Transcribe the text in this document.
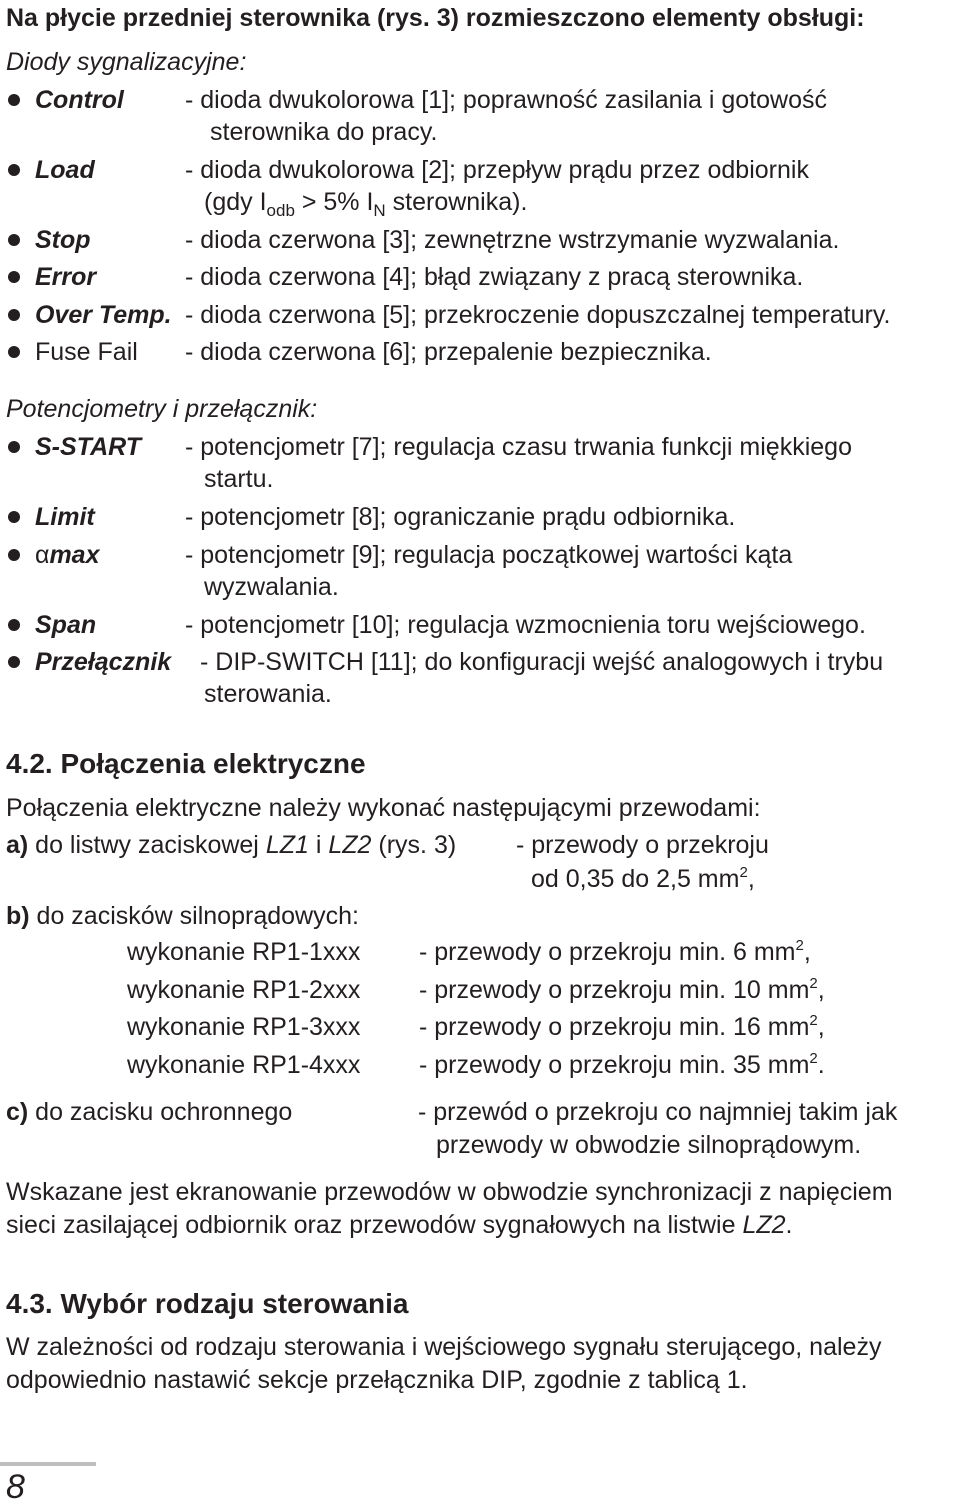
Na płycie przedniej sterownika (rys. 3) rozmieszczono elementy obsługi:
Diody sygnalizacyjne:
Control - dioda dwukolorowa [1]; poprawność zasilania i gotowość
sterownika do pracy.
Load	- dioda dwukolorowa [2]; przepływ prądu przez odbiornik
(gdy $I_{odb} > 5\%$ $I_N$ sterownika).
Stop	- dioda czerwona [3]; zewnętrzne wstrzymanie wyzwalania.
Error	- dioda czerwona [4]; błąd związany z pracą sterownika.
Over Temp. - dioda czerwona [5]; przekroczenie dopuszczalnej temperatury.
Fuse Fail - dioda czerwona [6]; przepalenie bezpiecznika.
Potencjometry i przełącznik:
S-START - potencjometr [7]; regulacja czasu trwania funkcji miękkiego
startu.
Limit	- potencjometr [8]; ograniczanie prądu odbiornika.
αmax	- potencjometr [9]; regulacja początkowej wartości kąta
wyzwalania.
Span	- potencjometr [10]; regulacja wzmocnienia toru wejściowego.
Przełącznik - DIP-SWITCH [11]; do konfiguracji wejść analogowych i trybu
sterowania.
4.2. Połączenia elektryczne
Połączenia elektryczne należy wykonać następującymi przewodami:
a) do listwy zaciskowej LZ1 i LZ2 (rys. 3) - przewody o przekroju
od 0,35 do 2,5 $mm^2$,
b) do zacisków silnoprądowych:
wykonanie RP1-1xxx - przewody o przekroju min. 6 $mm^2$,
wykonanie RP1-2xxx - przewody o przekroju min. 10 $mm^2$,
wykonanie RP1-3xxx - przewody o przekroju min. 16 $mm^2$,
wykonanie RP1-4xxx - przewody o przekroju min. 35 $mm^2$.
c) do zacisku ochronnego	- przewód o przekroju co najmniej takim jak
przewody w obwodzie silnoprądowym.
Wskazane jest ekranowanie przewodów w obwodzie synchronizacji z napięciem
sieci zasilającej odbiornik oraz przewodów sygnałowych na listwie LZ2.
4.3. Wybór rodzaju sterowania
W zależności od rodzaju sterowania i wejściowego sygnału sterującego, należy
odpowiednio nastawić sekcje przełącznika DIP, zgodnie z tablicą 1.
8
